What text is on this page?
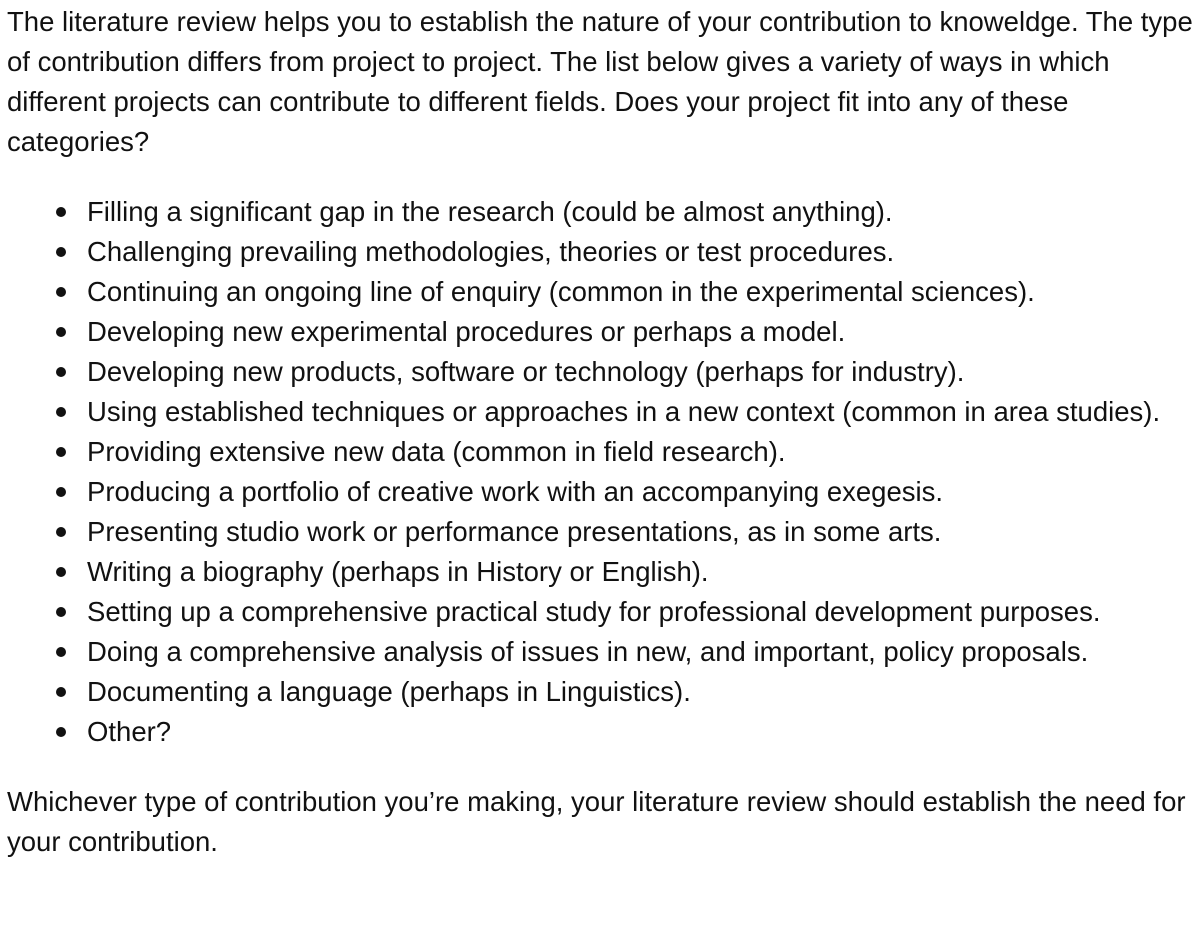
The literature review helps you to establish the nature of your contribution to knoweldge. The type of contribution differs from project to project. The list below gives a variety of ways in which different projects can contribute to different fields. Does your project fit into any of these categories?

Filling a significant gap in the research (could be almost anything).
Challenging prevailing methodologies, theories or test procedures.
Continuing an ongoing line of enquiry (common in the experimental sciences).
Developing new experimental procedures or perhaps a model.
Developing new products, software or technology (perhaps for industry).
Using established techniques or approaches in a new context (common in area studies).
Providing extensive new data (common in field research).
Producing a portfolio of creative work with an accompanying exegesis.
Presenting studio work or performance presentations, as in some arts.
Writing a biography (perhaps in History or English).
Setting up a comprehensive practical study for professional development purposes.
Doing a comprehensive analysis of issues in new, and important, policy proposals.
Documenting a language (perhaps in Linguistics).
Other?

Whichever type of contribution you’re making, your literature review should establish the need for your contribution.
